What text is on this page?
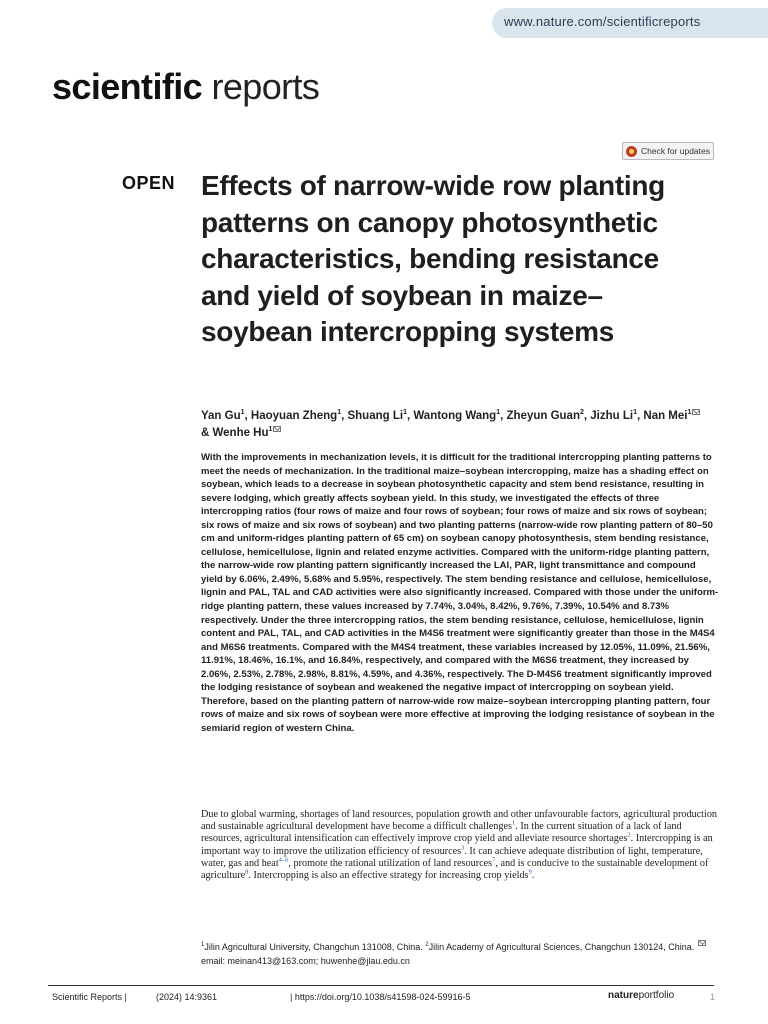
www.nature.com/scientificreports
scientific reports
Check for updates
OPEN Effects of narrow-wide row planting patterns on canopy photosynthetic characteristics, bending resistance and yield of soybean in maize–soybean intercropping systems
Yan Gu$^1$, Haoyuan Zheng$^1$, Shuang Li$^1$, Wantong Wang$^1$, Zheyun Guan$^2$, Jizhu Li$^1$, Nan Mei$^1$ & Wenhe Hu$^1$

With the improvements in mechanization levels, it is difficult for the traditional intercropping planting patterns to meet the needs of mechanization. In the traditional maize–soybean intercropping, maize has a shading effect on soybean, which leads to a decrease in soybean photosynthetic capacity and stem bend resistance, resulting in severe lodging, which greatly affects soybean yield. In this study, we investigated the effects of three intercropping ratios (four rows of maize and four rows of soybean; four rows of maize and six rows of soybean; six rows of maize and six rows of soybean) and two planting patterns (narrow-wide row planting pattern of 80–50 cm and uniform-ridges planting pattern of 65 cm) on soybean canopy photosynthesis, stem bending resistance, cellulose, hemicellulose, lignin and related enzyme activities. Compared with the uniform-ridge planting pattern, the narrow-wide row planting pattern significantly increased the LAI, PAR, light transmittance and compound yield by 6.06%, 2.49%, 5.68% and 5.95%, respectively. The stem bending resistance and cellulose, hemicellulose, lignin and PAL, TAL and CAD activities were also significantly increased. Compared with those under the uniform-ridge planting pattern, these values increased by 7.74%, 3.04%, 8.42%, 9.76%, 7.39%, 10.54% and 8.73% respectively. Under the three intercropping ratios, the stem bending resistance, cellulose, hemicellulose, lignin content and PAL, TAL, and CAD activities in the M4S6 treatment were significantly greater than those in the M4S4 and M6S6 treatments. Compared with the M4S4 treatment, these variables increased by 12.05%, 11.09%, 21.56%, 11.91%, 18.46%, 16.1%, and 16.84%, respectively, and compared with the M6S6 treatment, they increased by 2.06%, 2.53%, 2.78%, 2.98%, 8.81%, 4.59%, and 4.36%, respectively. The D-M4S6 treatment significantly improved the lodging resistance of soybean and weakened the negative impact of intercropping on soybean yield. Therefore, based on the planting pattern of narrow-wide row maize–soybean intercropping planting pattern, four rows of maize and six rows of soybean were more effective at improving the lodging resistance of soybean in the semiarid region of western China.

Due to global warming, shortages of land resources, population growth and other unfavourable factors, agricultural production and sustainable agricultural development have become a difficult challenges$^1$. In the current situation of a lack of land resources, agricultural intensification can effectively improve crop yield and alleviate resource shortages$^2$. Intercropping is an important way to improve the utilization efficiency of resources$^3$. It can achieve adequate distribution of light, temperature, water, gas and heat$^{4-6}$, promote the rational utilization of land resources$^7$, and is conducive to the sustainable development of agriculture$^8$. Intercropping is also an effective strategy for increasing crop yields$^9$.

$^1$Jilin Agricultural University, Changchun 131008, China. $^2$Jilin Academy of Agricultural Sciences, Changchun 130124, China. email: meinan413@163.com; huwenhe@jlau.edu.cn

Scientific Reports |	(2024) 14:9361	| https://doi.org/10.1038/s41598-024-59916-5	natureportfolio	1
